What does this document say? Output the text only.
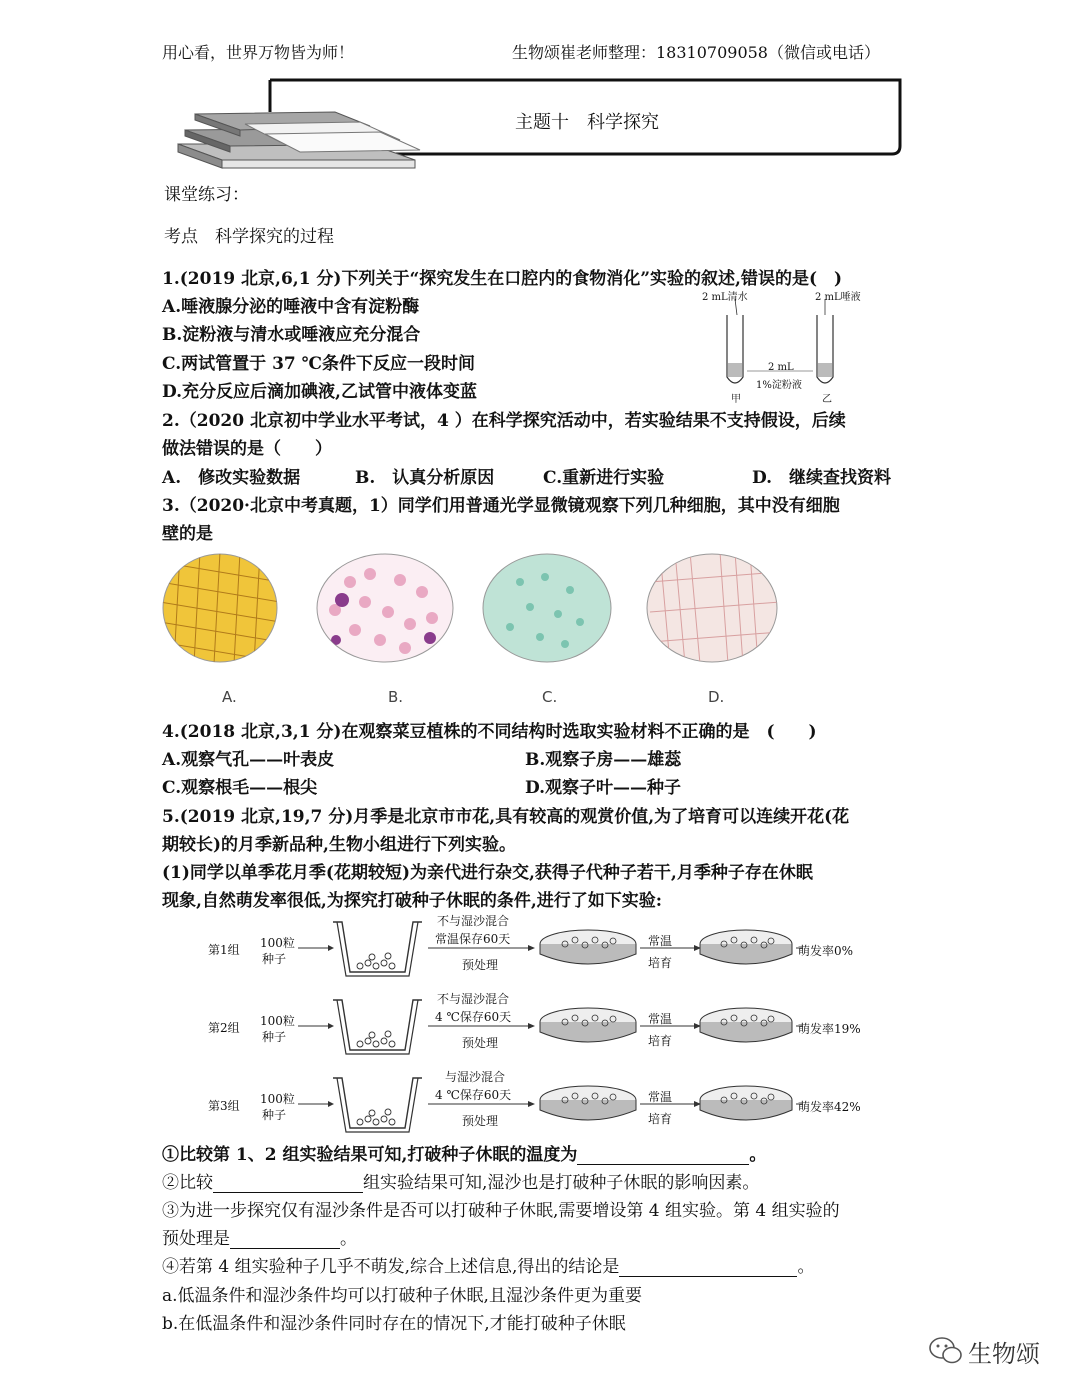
用心看，世界万物皆为师！	生物颂崔老师整理：18310709058（微信或电话）
主题十　科学探究
课堂练习：
考点　科学探究的过程
1.(2019 北京,6,1 分)下列关于“探究发生在口腔内的食物消化”实验的叙述,错误的是(　)
A.唾液腺分泌的唾液中含有淀粉酶
B.淀粉液与清水或唾液应充分混合
C.两试管置于 37 ℃条件下反应一段时间
D.充分反应后滴加碘液,乙试管中液体变蓝
2 mL清水	2 mL唾液
2 mL
1%淀粉液
甲	乙
2.（2020 北京初中学业水平考试，4 ）在科学探究活动中，若实验结果不支持假设，后续
做法错误的是（　　）
A.　修改实验数据	B.　认真分析原因	C.重新进行实验	D.　继续查找资料
3.（2020·北京中考真题，1）同学们用普通光学显微镜观察下列几种细胞，其中没有细胞
壁的是
A.	B.	C.	D.
4.(2018 北京,3,1 分)在观察菜豆植株的不同结构时选取实验材料不正确的是　(　　)
A.观察气孔——叶表皮	B.观察子房——雄蕊
C.观察根毛——根尖	D.观察子叶——种子
5.(2019 北京,19,7 分)月季是北京市市花,具有较高的观赏价值,为了培育可以连续开花(花
期较长)的月季新品种,生物小组进行下列实验。
(1)同学以单季花月季(花期较短)为亲代进行杂交,获得子代种子若干,月季种子存在休眠
现象,自然萌发率很低,为探究打破种子休眠的条件,进行了如下实验:
第1组 100粒
种子
不与湿沙混合
常温保存60天
预处理
常温
培育
萌发率0%
第2组 100粒
种子
不与湿沙混合
4 ℃保存60天
预处理
常温
培育
萌发率19%
第3组 100粒
种子
与湿沙混合
4 ℃保存60天
预处理
常温
培育
萌发率42%
①比较第 1、2 组实验结果可知,打破种子休眠的温度为	。
②比较	组实验结果可知,湿沙也是打破种子休眠的影响因素。
③为进一步探究仅有湿沙条件是否可以打破种子休眠,需要增设第 4 组实验。第 4 组实验的
预处理是	。
④若第 4 组实验种子几乎不萌发,综合上述信息,得出的结论是	。
a.低温条件和湿沙条件均可以打破种子休眠,且湿沙条件更为重要
b.在低温条件和湿沙条件同时存在的情况下,才能打破种子休眠
生物颂
